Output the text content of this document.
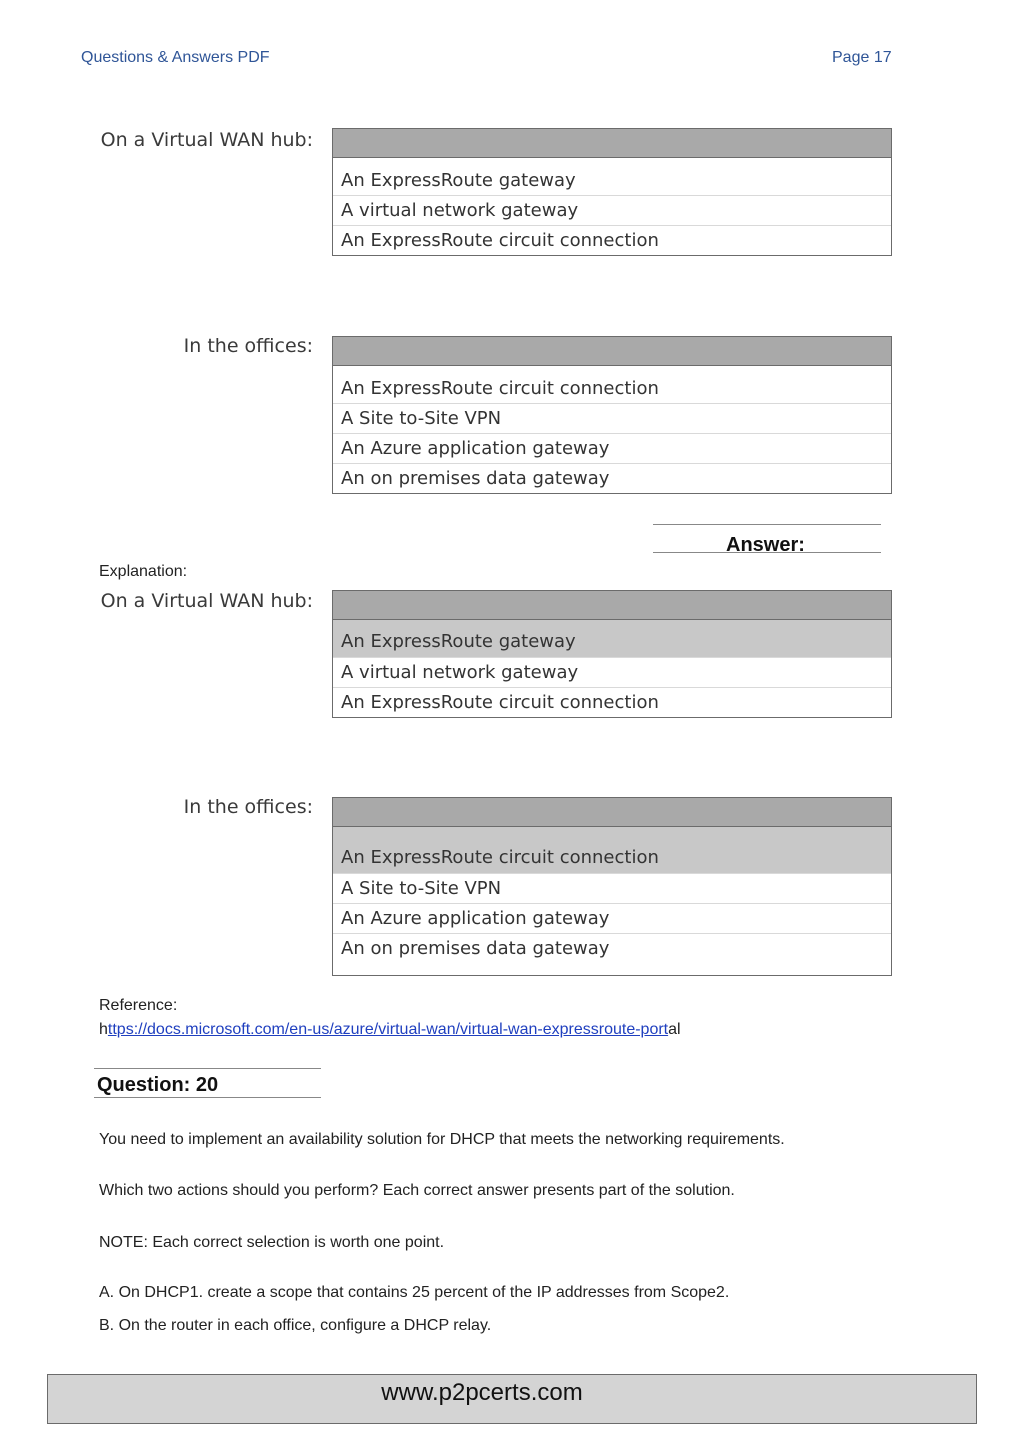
Questions & Answers PDF	Page 17
On a Virtual WAN hub:
An ExpressRoute gateway
A virtual network gateway
An ExpressRoute circuit connection
In the offices:
An ExpressRoute circuit connection
A Site to-Site VPN
An Azure application gateway
An on premises data gateway
Answer:
Explanation:
On a Virtual WAN hub:
An ExpressRoute gateway
A virtual network gateway
An ExpressRoute circuit connection
In the offices:
An ExpressRoute circuit connection
A Site to-Site VPN
An Azure application gateway
An on premises data gateway
Reference:
https://docs.microsoft.com/en-us/azure/virtual-wan/virtual-wan-expressroute-portal
Question: 20
You need to implement an availability solution for DHCP that meets the networking requirements.
Which two actions should you perform? Each correct answer presents part of the solution.
NOTE: Each correct selection is worth one point.
A. On DHCP1. create a scope that contains 25 percent of the IP addresses from Scope2.
B. On the router in each office, configure a DHCP relay.
www.p2pcerts.com
